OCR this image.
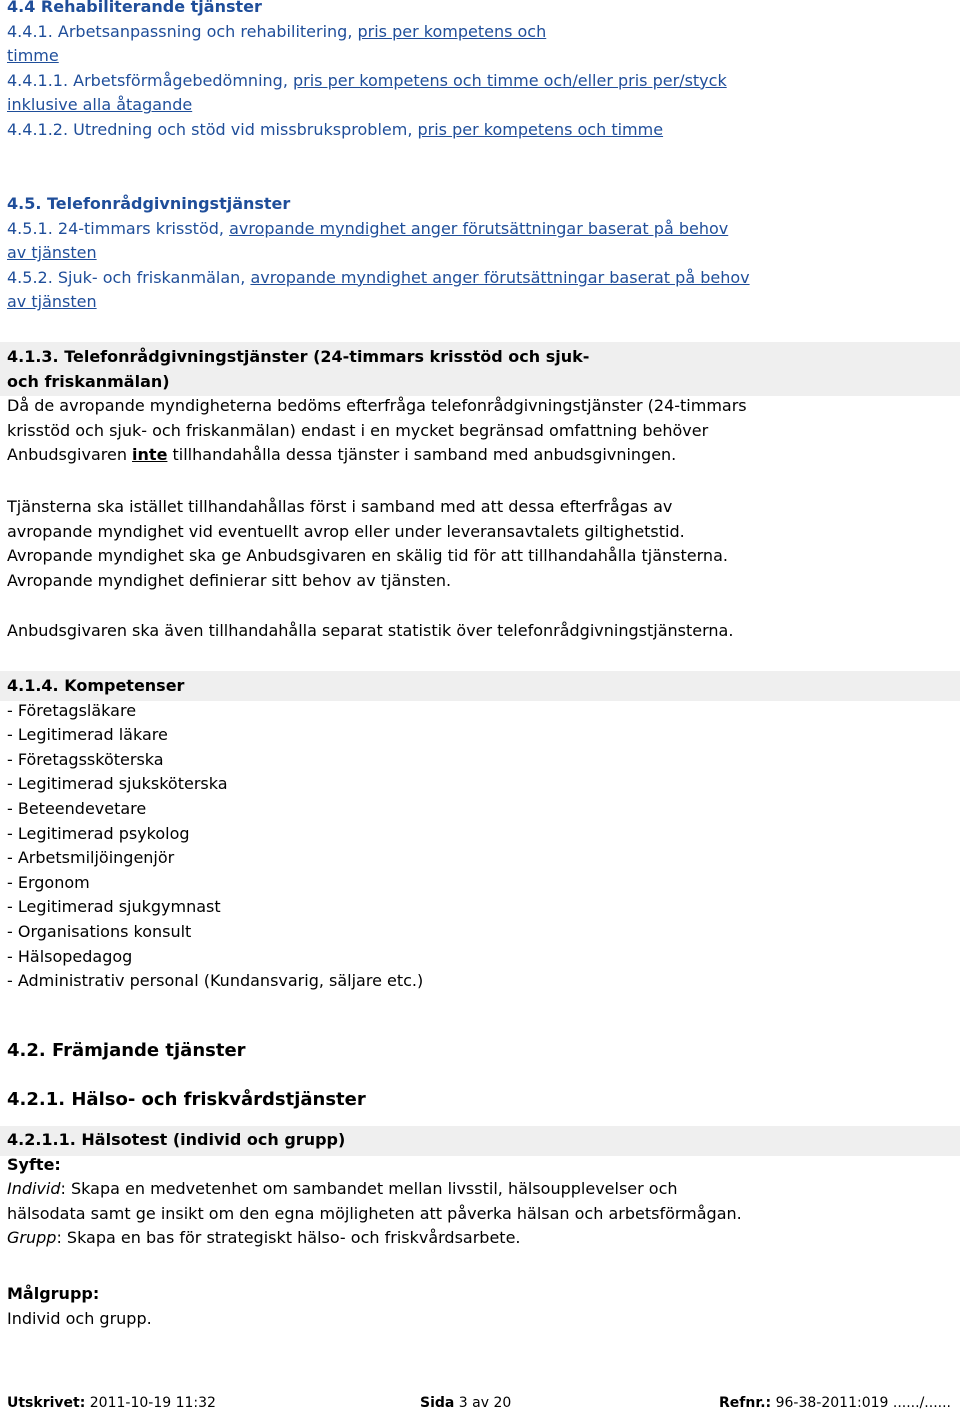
4.4 Rehabiliterande tjänster
4.4.1. Arbetsanpassning och rehabilitering, pris per kompetens och
timme
4.4.1.1. Arbetsförmågebedömning, pris per kompetens och timme och/eller pris per/styck
inklusive alla åtagande
4.4.1.2. Utredning och stöd vid missbruksproblem, pris per kompetens och timme
4.5. Telefonrådgivningstjänster
4.5.1. 24-timmars krisstöd, avropande myndighet anger förutsättningar baserat på behov
av tjänsten
4.5.2. Sjuk- och friskanmälan, avropande myndighet anger förutsättningar baserat på behov
av tjänsten
4.1.3. Telefonrådgivningstjänster (24-timmars krisstöd och sjuk-
och friskanmälan)
Då de avropande myndigheterna bedöms efterfråga telefonrådgivningstjänster (24-timmars
krisstöd och sjuk- och friskanmälan) endast i en mycket begränsad omfattning behöver
Anbudsgivaren inte tillhandahålla dessa tjänster i samband med anbudsgivningen.
Tjänsterna ska istället tillhandahållas först i samband med att dessa efterfrågas av
avropande myndighet vid eventuellt avrop eller under leveransavtalets giltighetstid.
Avropande myndighet ska ge Anbudsgivaren en skälig tid för att tillhandahålla tjänsterna.
Avropande myndighet definierar sitt behov av tjänsten.
Anbudsgivaren ska även tillhandahålla separat statistik över telefonrådgivningstjänsterna.
4.1.4. Kompetenser
- Företagsläkare
- Legitimerad läkare
- Företagssköterska
- Legitimerad sjuksköterska
- Beteendevetare
- Legitimerad psykolog
- Arbetsmiljöingenjör
- Ergonom
- Legitimerad sjukgymnast
- Organisations konsult
- Hälsopedagog
- Administrativ personal (Kundansvarig, säljare etc.)
4.2. Främjande tjänster
4.2.1. Hälso- och friskvårdstjänster
4.2.1.1. Hälsotest (individ och grupp)
Syfte:
Individ: Skapa en medvetenhet om sambandet mellan livsstil, hälsoupplevelser och
hälsodata samt ge insikt om den egna möjligheten att påverka hälsan och arbetsförmågan.
Grupp: Skapa en bas för strategiskt hälso- och friskvårdsarbete.
Målgrupp:
Individ och grupp.
Utskrivet: 2011-10-19 11:32	Sida 3 av 20	Refnr.: 96-38-2011:019 ....../......
